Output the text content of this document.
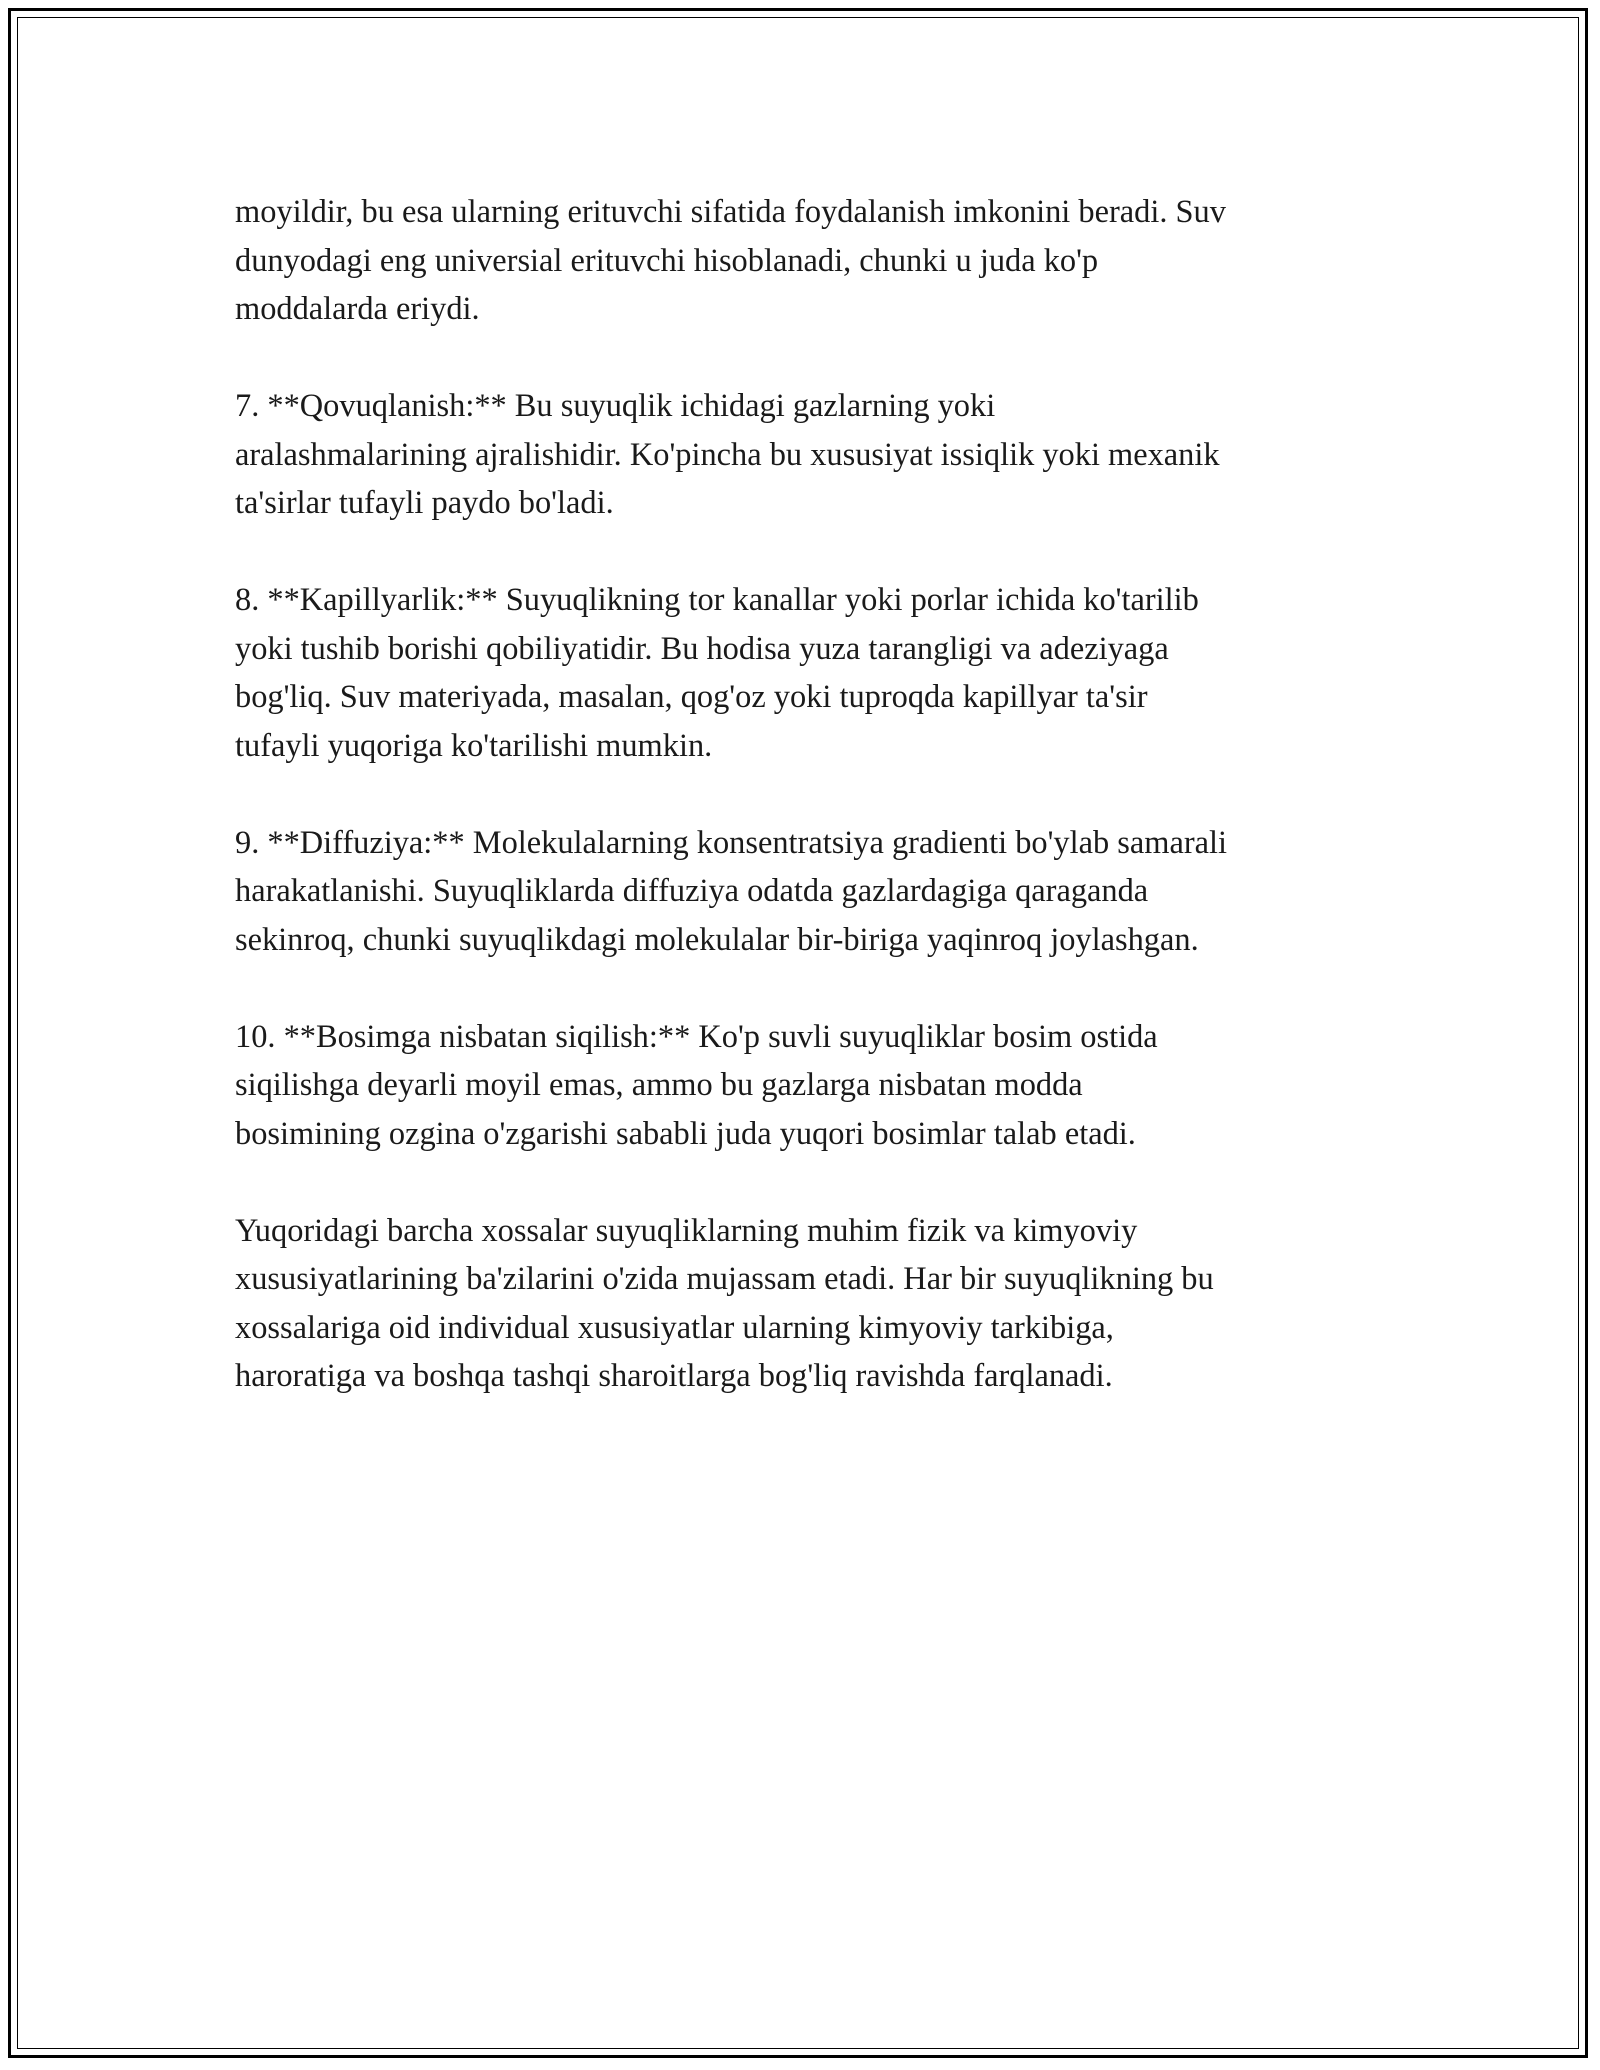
moyildir, bu esa ularning erituvchi sifatida foydalanish imkonini beradi. Suv
dunyodagi eng universial erituvchi hisoblanadi, chunki u juda ko'p
moddalarda eriydi.

7. **Qovuqlanish:** Bu suyuqlik ichidagi gazlarning yoki
aralashmalarining ajralishidir. Ko'pincha bu xususiyat issiqlik yoki mexanik
ta'sirlar tufayli paydo bo'ladi.

8. **Kapillyarlik:** Suyuqlikning tor kanallar yoki porlar ichida ko'tarilib
yoki tushib borishi qobiliyatidir. Bu hodisa yuza tarangligi va adeziyaga
bog'liq. Suv materiyada, masalan, qog'oz yoki tuproqda kapillyar ta'sir
tufayli yuqoriga ko'tarilishi mumkin.

9. **Diffuziya:** Molekulalarning konsentratsiya gradienti bo'ylab samarali
harakatlanishi. Suyuqliklarda diffuziya odatda gazlardagiga qaraganda
sekinroq, chunki suyuqlikdagi molekulalar bir-biriga yaqinroq joylashgan.

10. **Bosimga nisbatan siqilish:** Ko'p suvli suyuqliklar bosim ostida
siqilishga deyarli moyil emas, ammo bu gazlarga nisbatan modda
bosimining ozgina o'zgarishi sababli juda yuqori bosimlar talab etadi.

Yuqoridagi barcha xossalar suyuqliklarning muhim fizik va kimyoviy
xususiyatlarining ba'zilarini o'zida mujassam etadi. Har bir suyuqlikning bu
xossalariga oid individual xususiyatlar ularning kimyoviy tarkibiga,
haroratiga va boshqa tashqi sharoitlarga bog'liq ravishda farqlanadi.
